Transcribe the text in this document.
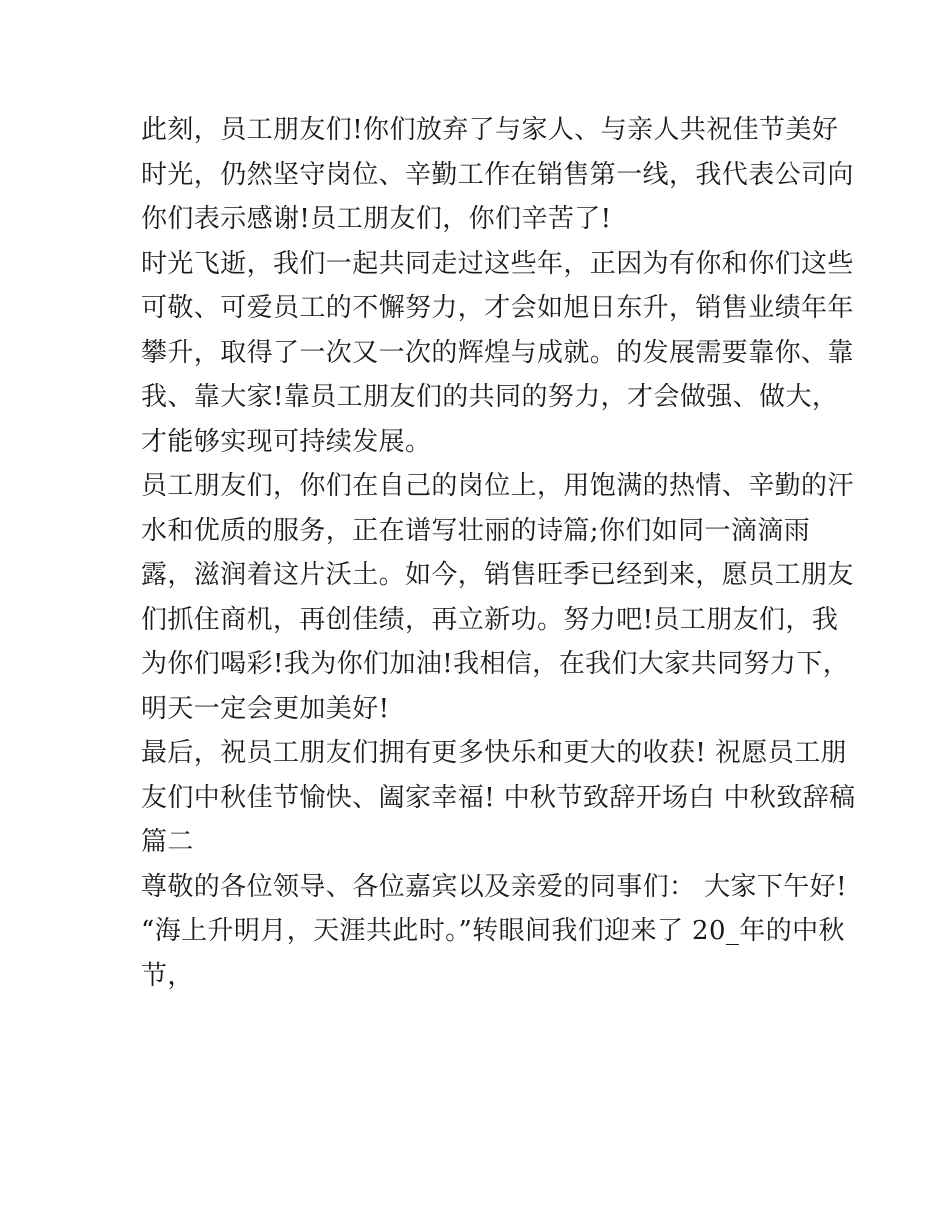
此刻，员工朋友们!你们放弃了与家人、与亲人共祝佳节美好
时光，仍然坚守岗位、辛勤工作在销售第一线，我代表公司向
你们表示感谢!员工朋友们，你们辛苦了!
时光飞逝，我们一起共同走过这些年，正因为有你和你们这些
可敬、可爱员工的不懈努力，才会如旭日东升，销售业绩年年
攀升，取得了一次又一次的辉煌与成就。的发展需要靠你、靠
我、靠大家!靠员工朋友们的共同的努力，才会做强、做大，
才能够实现可持续发展。
员工朋友们，你们在自己的岗位上，用饱满的热情、辛勤的汗
水和优质的服务，正在谱写壮丽的诗篇;你们如同一滴滴雨
露，滋润着这片沃土。如今，销售旺季已经到来，愿员工朋友
们抓住商机，再创佳绩，再立新功。努力吧!员工朋友们，我
为你们喝彩!我为你们加油!我相信，在我们大家共同努力下，
明天一定会更加美好!
最后，祝员工朋友们拥有更多快乐和更大的收获! 祝愿员工朋
友们中秋佳节愉快、阖家幸福! 中秋节致辞开场白 中秋致辞稿
篇二
尊敬的各位领导、各位嘉宾以及亲爱的同事们： 大家下午好!
“海上升明月，天涯共此时。”转眼间我们迎来了 20_年的中秋
节，
